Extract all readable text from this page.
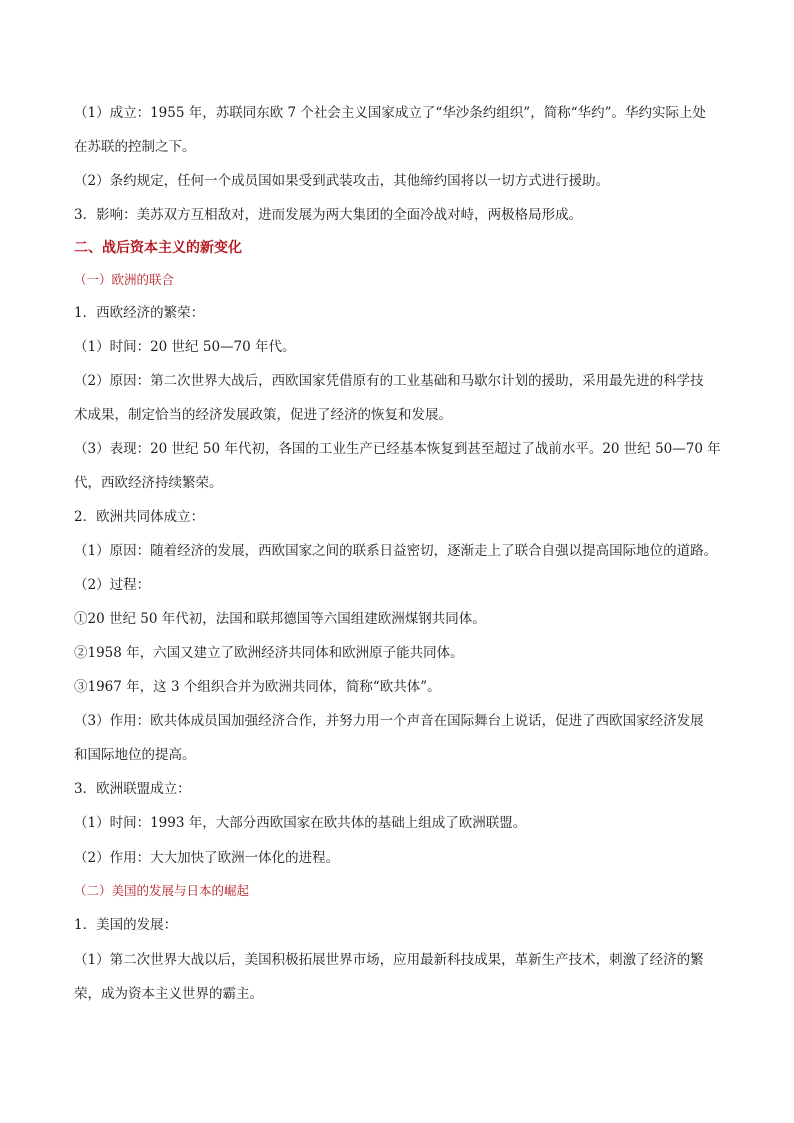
（1）成立：1955 年，苏联同东欧 7 个社会主义国家成立了“华沙条约组织”，简称“华约”。华约实际上处
在苏联的控制之下。
（2）条约规定，任何一个成员国如果受到武装攻击，其他缔约国将以一切方式进行援助。
3．影响：美苏双方互相敌对，进而发展为两大集团的全面冷战对峙，两极格局形成。
二、战后资本主义的新变化
（一）欧洲的联合
1．西欧经济的繁荣：
（1）时间：20 世纪 50—70 年代。
（2）原因：第二次世界大战后，西欧国家凭借原有的工业基础和马歇尔计划的援助，采用最先进的科学技
术成果，制定恰当的经济发展政策，促进了经济的恢复和发展。
（3）表现：20 世纪 50 年代初，各国的工业生产已经基本恢复到甚至超过了战前水平。20 世纪 50—70 年
代，西欧经济持续繁荣。
2．欧洲共同体成立：
（1）原因：随着经济的发展，西欧国家之间的联系日益密切，逐渐走上了联合自强以提高国际地位的道路。
（2）过程：
①20 世纪 50 年代初，法国和联邦德国等六国组建欧洲煤钢共同体。
②1958 年，六国又建立了欧洲经济共同体和欧洲原子能共同体。
③1967 年，这 3 个组织合并为欧洲共同体，简称“欧共体”。
（3）作用：欧共体成员国加强经济合作，并努力用一个声音在国际舞台上说话，促进了西欧国家经济发展
和国际地位的提高。
3．欧洲联盟成立：
（1）时间：1993 年，大部分西欧国家在欧共体的基础上组成了欧洲联盟。
（2）作用：大大加快了欧洲一体化的进程。
（二）美国的发展与日本的崛起
1．美国的发展：
（1）第二次世界大战以后，美国积极拓展世界市场，应用最新科技成果，革新生产技术，刺激了经济的繁
荣，成为资本主义世界的霸主。
